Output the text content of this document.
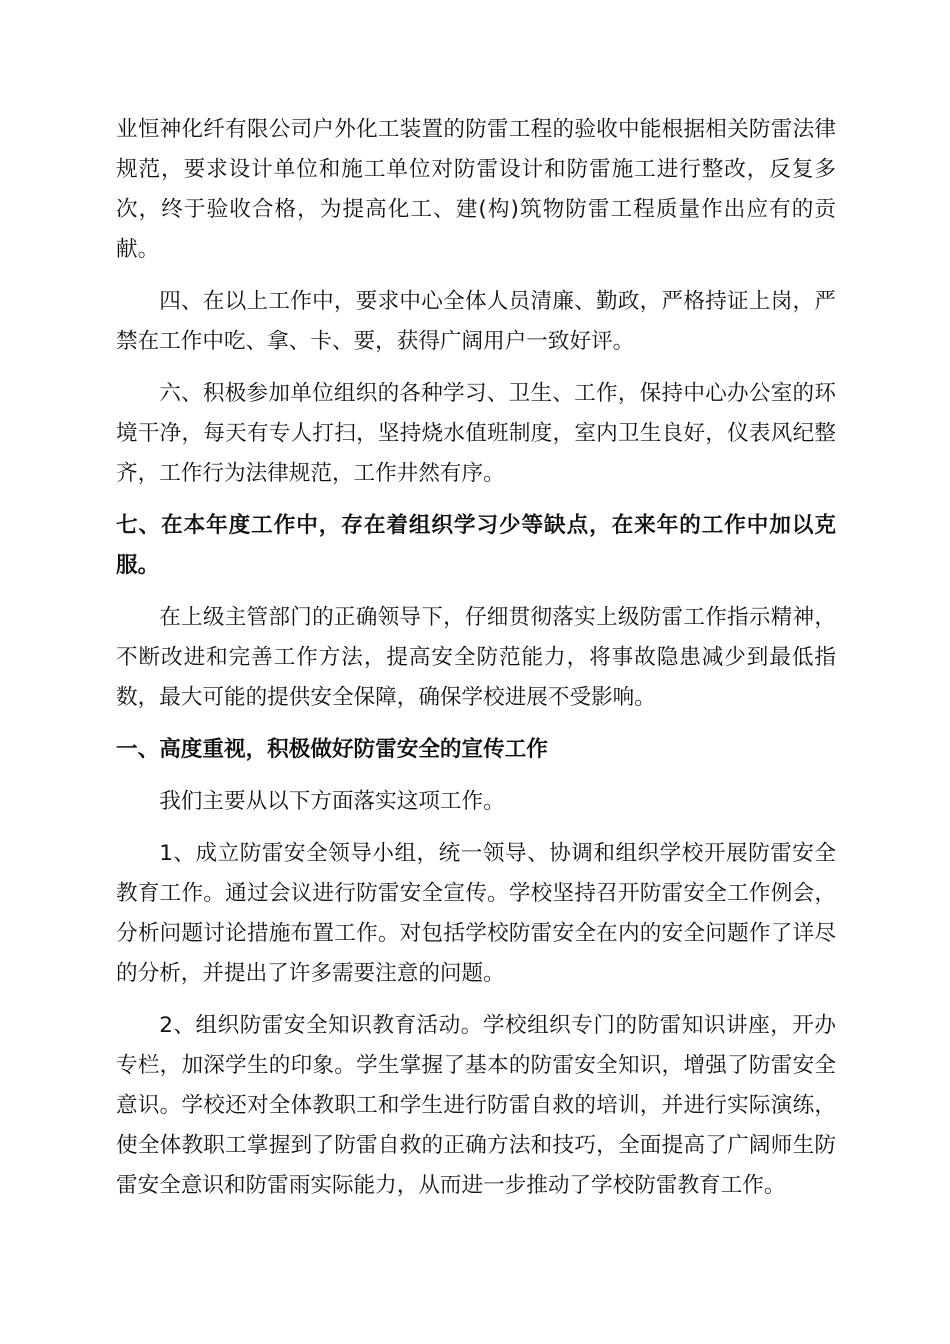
业恒神化纤有限公司户外化工装置的防雷工程的验收中能根据相关防雷法律规范，要求设计单位和施工单位对防雷设计和防雷施工进行整改，反复多次，终于验收合格，为提高化工、建(构)筑物防雷工程质量作出应有的贡献。

四、在以上工作中，要求中心全体人员清廉、勤政，严格持证上岗，严禁在工作中吃、拿、卡、要，获得广阔用户一致好评。

六、积极参加单位组织的各种学习、卫生、工作，保持中心办公室的环境干净，每天有专人打扫，坚持烧水值班制度，室内卫生良好，仪表风纪整齐，工作行为法律规范，工作井然有序。

七、在本年度工作中，存在着组织学习少等缺点，在来年的工作中加以克服。

在上级主管部门的正确领导下，仔细贯彻落实上级防雷工作指示精神，不断改进和完善工作方法，提高安全防范能力，将事故隐患减少到最低指数，最大可能的提供安全保障，确保学校进展不受影响。

一、高度重视，积极做好防雷安全的宣传工作

我们主要从以下方面落实这项工作。

1、成立防雷安全领导小组，统一领导、协调和组织学校开展防雷安全教育工作。通过会议进行防雷安全宣传。学校坚持召开防雷安全工作例会，分析问题讨论措施布置工作。对包括学校防雷安全在内的安全问题作了详尽的分析，并提出了许多需要注意的问题。

2、组织防雷安全知识教育活动。学校组织专门的防雷知识讲座，开办专栏，加深学生的印象。学生掌握了基本的防雷安全知识，增强了防雷安全意识。学校还对全体教职工和学生进行防雷自救的培训，并进行实际演练，使全体教职工掌握到了防雷自救的正确方法和技巧，全面提高了广阔师生防雷安全意识和防雷雨实际能力，从而进一步推动了学校防雷教育工作。
